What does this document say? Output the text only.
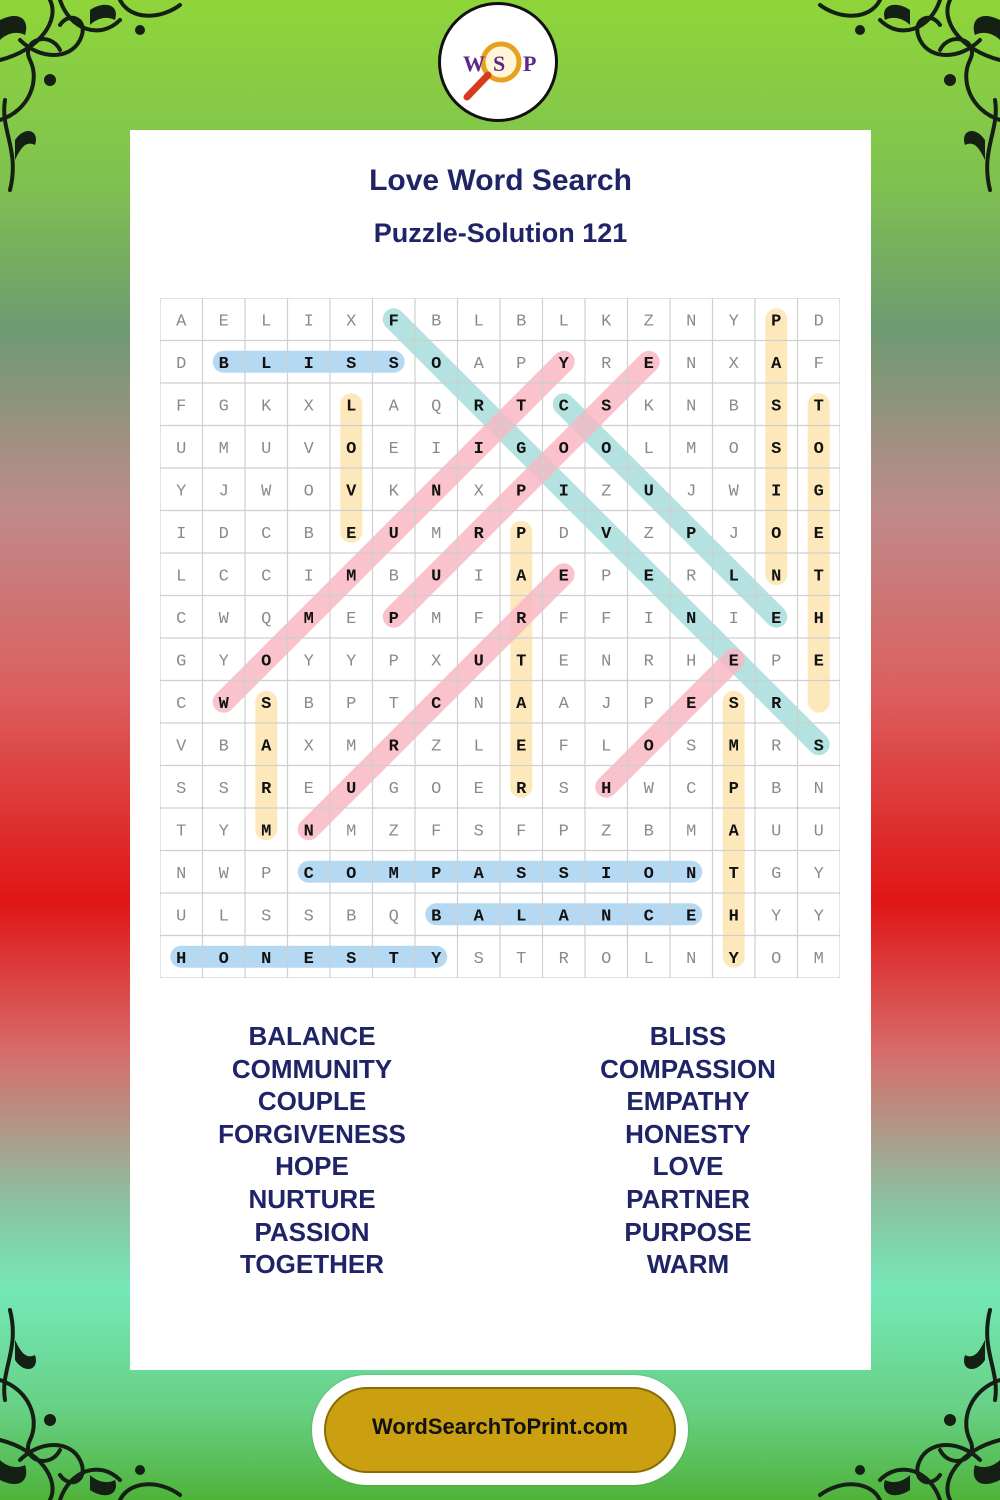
W S P
Love Word Search
Puzzle-Solution 121
A E L I X F B L B L K Z N Y P D
D B L I S S O A P Y R E N X A F
F G K X L A Q R T C S K N B S T
U M U V O E I I G O O L M O S O
Y J W O V K N X P I Z U J W I G
I D C B E U M R P D V Z P J O E
L C C I M B U I A E P E R L N T
C W Q M E P M F R F F I N I E H
G Y O Y Y P X U T E N R H E P E
C W S B P T C N A A J P E S R
V B A X M R Z L E F L O S M R S
S S R E U G O E R S H W C P B N
T Y M N M Z F S F P Z B M A U U
N W P C O M P A S S I O N T G Y
U L S S B Q B A L A N C E H Y Y
H O N E S T Y S T R O L N Y O M
BALANCE
COMMUNITY
COUPLE
FORGIVENESS
HOPE
NURTURE
PASSION
TOGETHER
BLISS
COMPASSION
EMPATHY
HONESTY
LOVE
PARTNER
PURPOSE
WARM
WordSearchToPrint.com
